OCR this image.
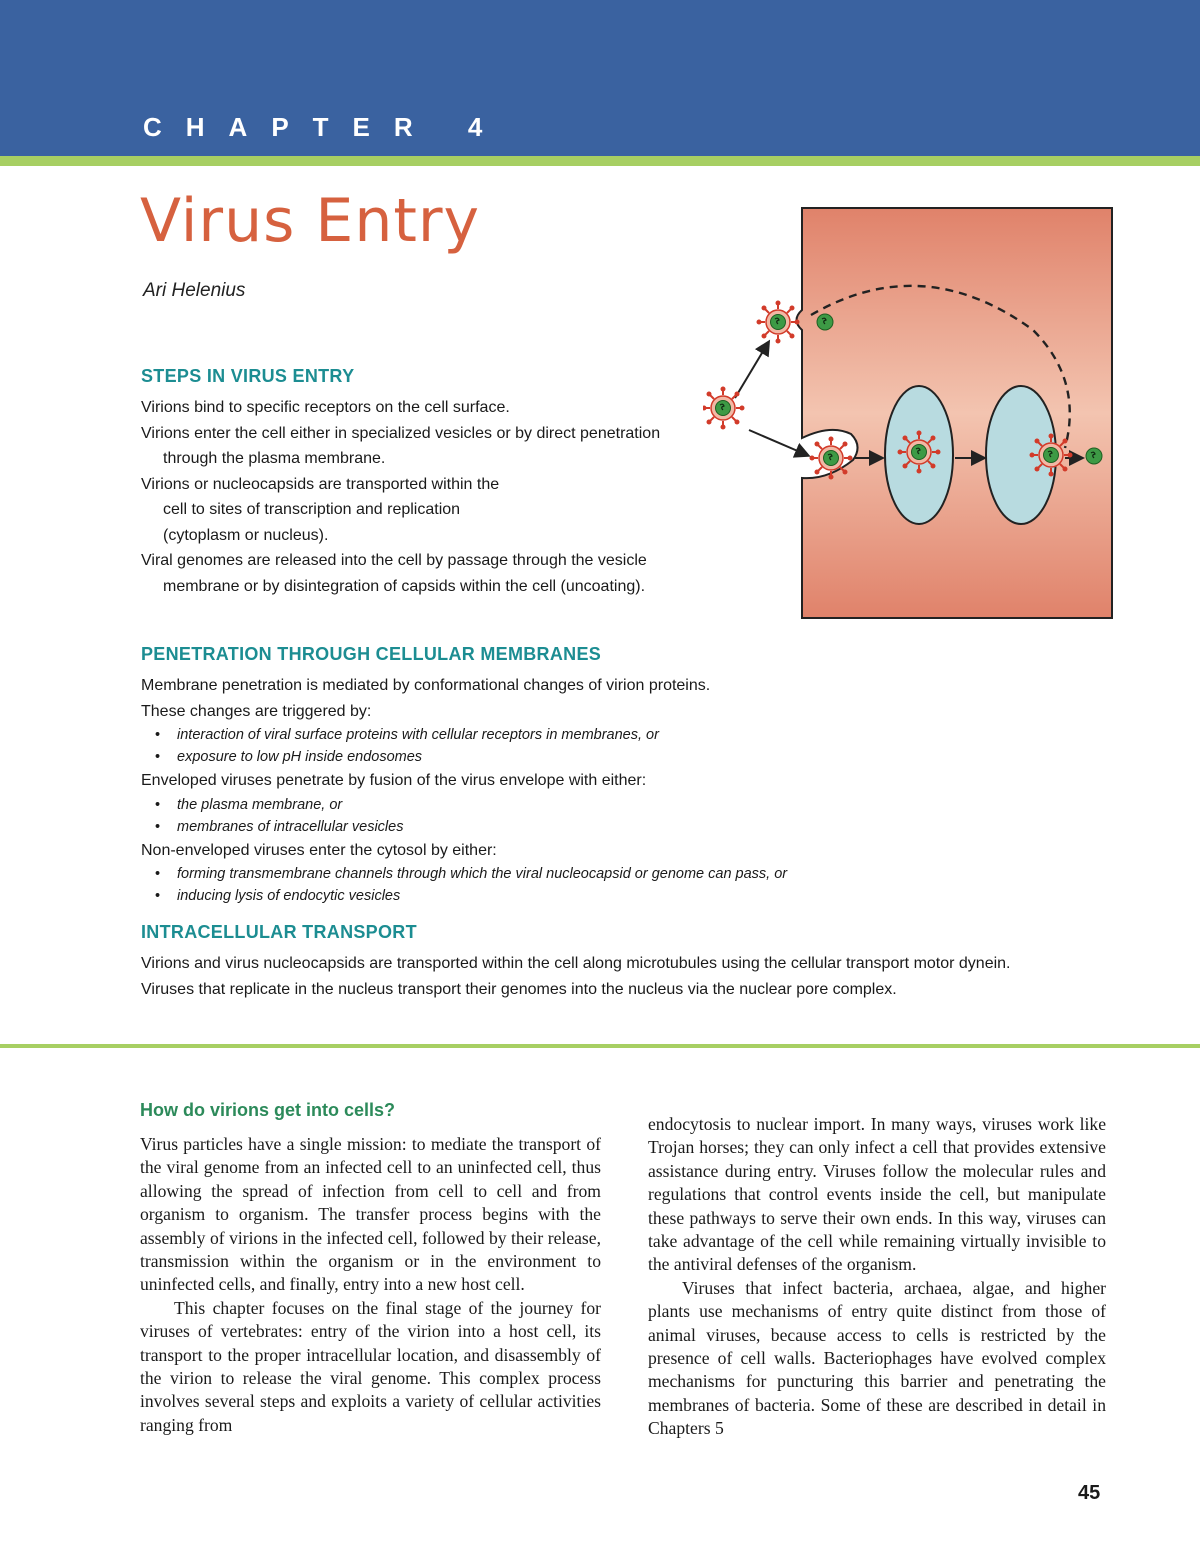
CHAPTER 4
Virus Entry
Ari Helenius
STEPS IN VIRUS ENTRY
Virions bind to specific receptors on the cell surface.
Virions enter the cell either in specialized vesicles or by direct penetration through the plasma membrane.
Virions or nucleocapsids are transported within the cell to sites of transcription and replication (cytoplasm or nucleus).
Viral genomes are released into the cell by passage through the vesicle membrane or by disintegration of capsids within the cell (uncoating).
PENETRATION THROUGH CELLULAR MEMBRANES
Membrane penetration is mediated by conformational changes of virion proteins.
These changes are triggered by:
• interaction of viral surface proteins with cellular receptors in membranes, or
• exposure to low pH inside endosomes
Enveloped viruses penetrate by fusion of the virus envelope with either:
• the plasma membrane, or
• membranes of intracellular vesicles
Non-enveloped viruses enter the cytosol by either:
• forming transmembrane channels through which the viral nucleocapsid or genome can pass, or
• inducing lysis of endocytic vesicles
INTRACELLULAR TRANSPORT
Virions and virus nucleocapsids are transported within the cell along microtubules using the cellular transport motor dynein.
Viruses that replicate in the nucleus transport their genomes into the nucleus via the nuclear pore complex.
How do virions get into cells?

Virus particles have a single mission: to mediate the transport of the viral genome from an infected cell to an uninfected cell, thus allowing the spread of infection from cell to cell and from organism to organism. The transfer process begins with the assembly of virions in the infected cell, followed by their release, transmission within the organism or in the environment to uninfected cells, and finally, entry into a new host cell.

This chapter focuses on the final stage of the journey for viruses of vertebrates: entry of the virion into a host cell, its transport to the proper intracellular location, and disassembly of the virion to release the viral genome. This complex process involves several steps and exploits a variety of cellular activities ranging from

endocytosis to nuclear import. In many ways, viruses work like Trojan horses; they can only infect a cell that provides extensive assistance during entry. Viruses follow the molecular rules and regulations that control events inside the cell, but manipulate these pathways to serve their own ends. In this way, viruses can take advantage of the cell while remaining virtually invisible to the antiviral defenses of the organism.

Viruses that infect bacteria, archaea, algae, and higher plants use mechanisms of entry quite distinct from those of animal viruses, because access to cells is restricted by the presence of cell walls. Bacteriophages have evolved complex mechanisms for puncturing this barrier and penetrating the membranes of bacteria. Some of these are described in detail in Chapters 5

45
